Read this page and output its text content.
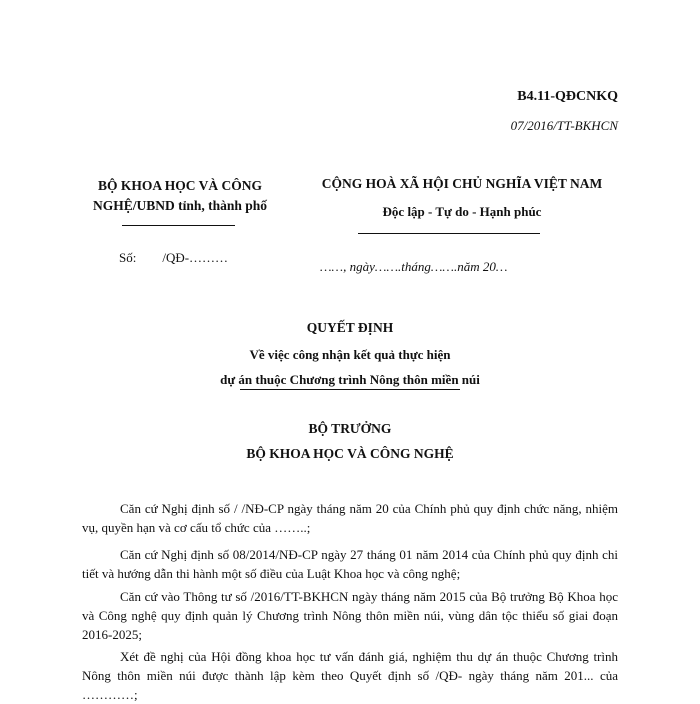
B4.11-QĐCNKQ
07/2016/TT-BKHCN
BỘ KHOA HỌC VÀ CÔNG
NGHỆ/UBND tỉnh, thành phố
CỘNG HOÀ XÃ HỘI CHỦ NGHĨA VIỆT NAM
Độc lập - Tự do - Hạnh phúc
Số:        /QĐ-………
……, ngày…….tháng…….năm 20…
QUYẾT ĐỊNH
Về việc công nhận kết quả thực hiện
dự án thuộc Chương trình Nông thôn miền núi
BỘ TRƯỞNG
BỘ KHOA HỌC VÀ CÔNG NGHỆ
Căn cứ Nghị định số / /NĐ-CP ngày tháng năm 20 của Chính phủ quy định chức năng, nhiệm vụ, quyền hạn và cơ cấu tổ chức của ……..;
Căn cứ Nghị định số 08/2014/NĐ-CP ngày 27 tháng 01 năm 2014 của Chính phủ quy định chi tiết và hướng dẫn thi hành một số điều của Luật Khoa học và công nghệ;
Căn cứ vào Thông tư số /2016/TT-BKHCN ngày tháng năm 2015 của Bộ trưởng Bộ Khoa học và Công nghệ quy định quản lý Chương trình Nông thôn miền núi, vùng dân tộc thiểu số giai đoạn 2016-2025;
Xét đề nghị của Hội đồng khoa học tư vấn đánh giá, nghiệm thu dự án thuộc Chương trình Nông thôn miền núi được thành lập kèm theo Quyết định số /QĐ- ngày tháng năm 201... của …………;
